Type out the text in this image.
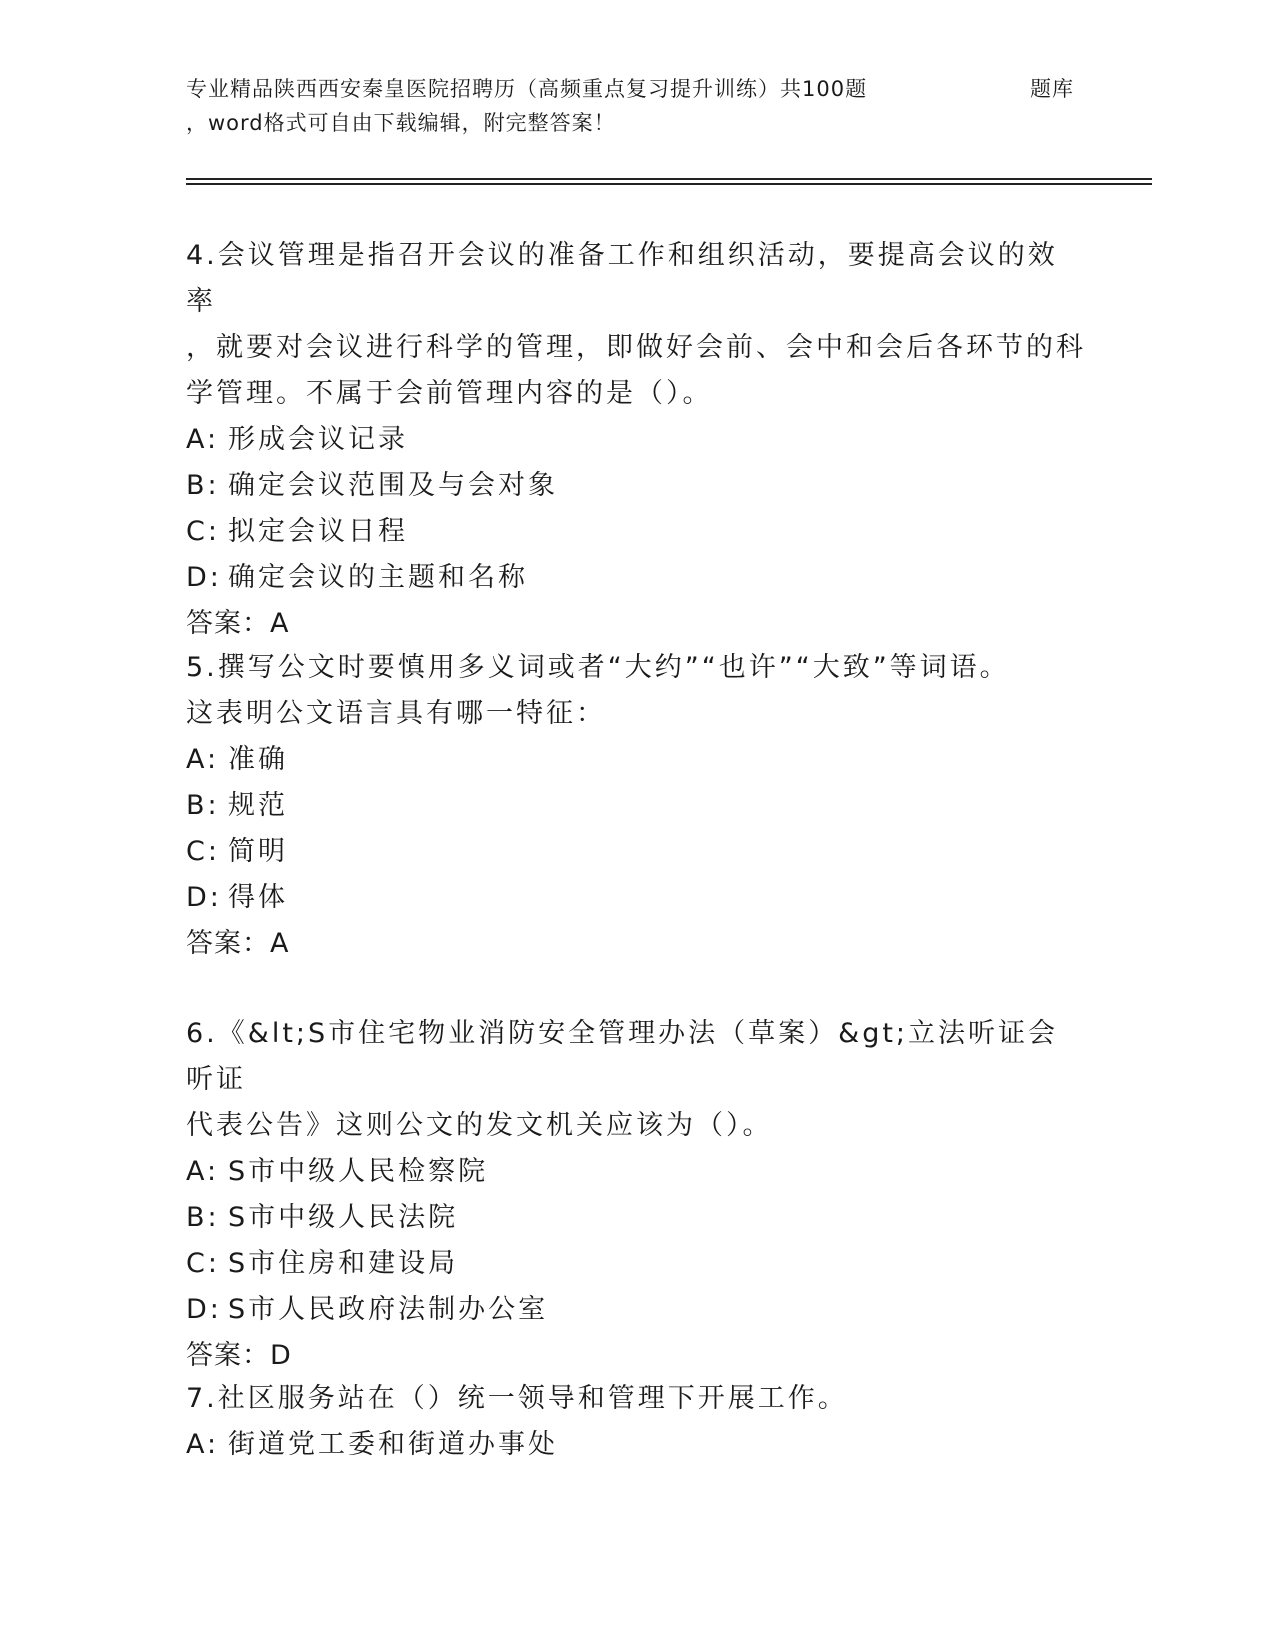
专业精品陕西西安秦皇医院招聘历（高频重点复习提升训练）共100题
，word格式可自由下载编辑，附完整答案！
题库

4.会议管理是指召开会议的准备工作和组织活动，要提高会议的效率

，就要对会议进行科学的管理，即做好会前、会中和会后各环节的科

学管理。不属于会前管理内容的是（）。

A: 形成会议记录

B: 确定会议范围及与会对象

C: 拟定会议日程

D: 确定会议的主题和名称

答案：A

5.撰写公文时要慎用多义词或者“大约”“也许”“大致”等词语。

这表明公文语言具有哪一特征：

A: 准确

B: 规范

C: 简明

D: 得体

答案：A

6.《&lt;S市住宅物业消防安全管理办法（草案）&gt;立法听证会听证

代表公告》这则公文的发文机关应该为（）。

A: S市中级人民检察院

B: S市中级人民法院

C: S市住房和建设局

D: S市人民政府法制办公室

答案：D

7.社区服务站在（）统一领导和管理下开展工作。

A: 街道党工委和街道办事处
